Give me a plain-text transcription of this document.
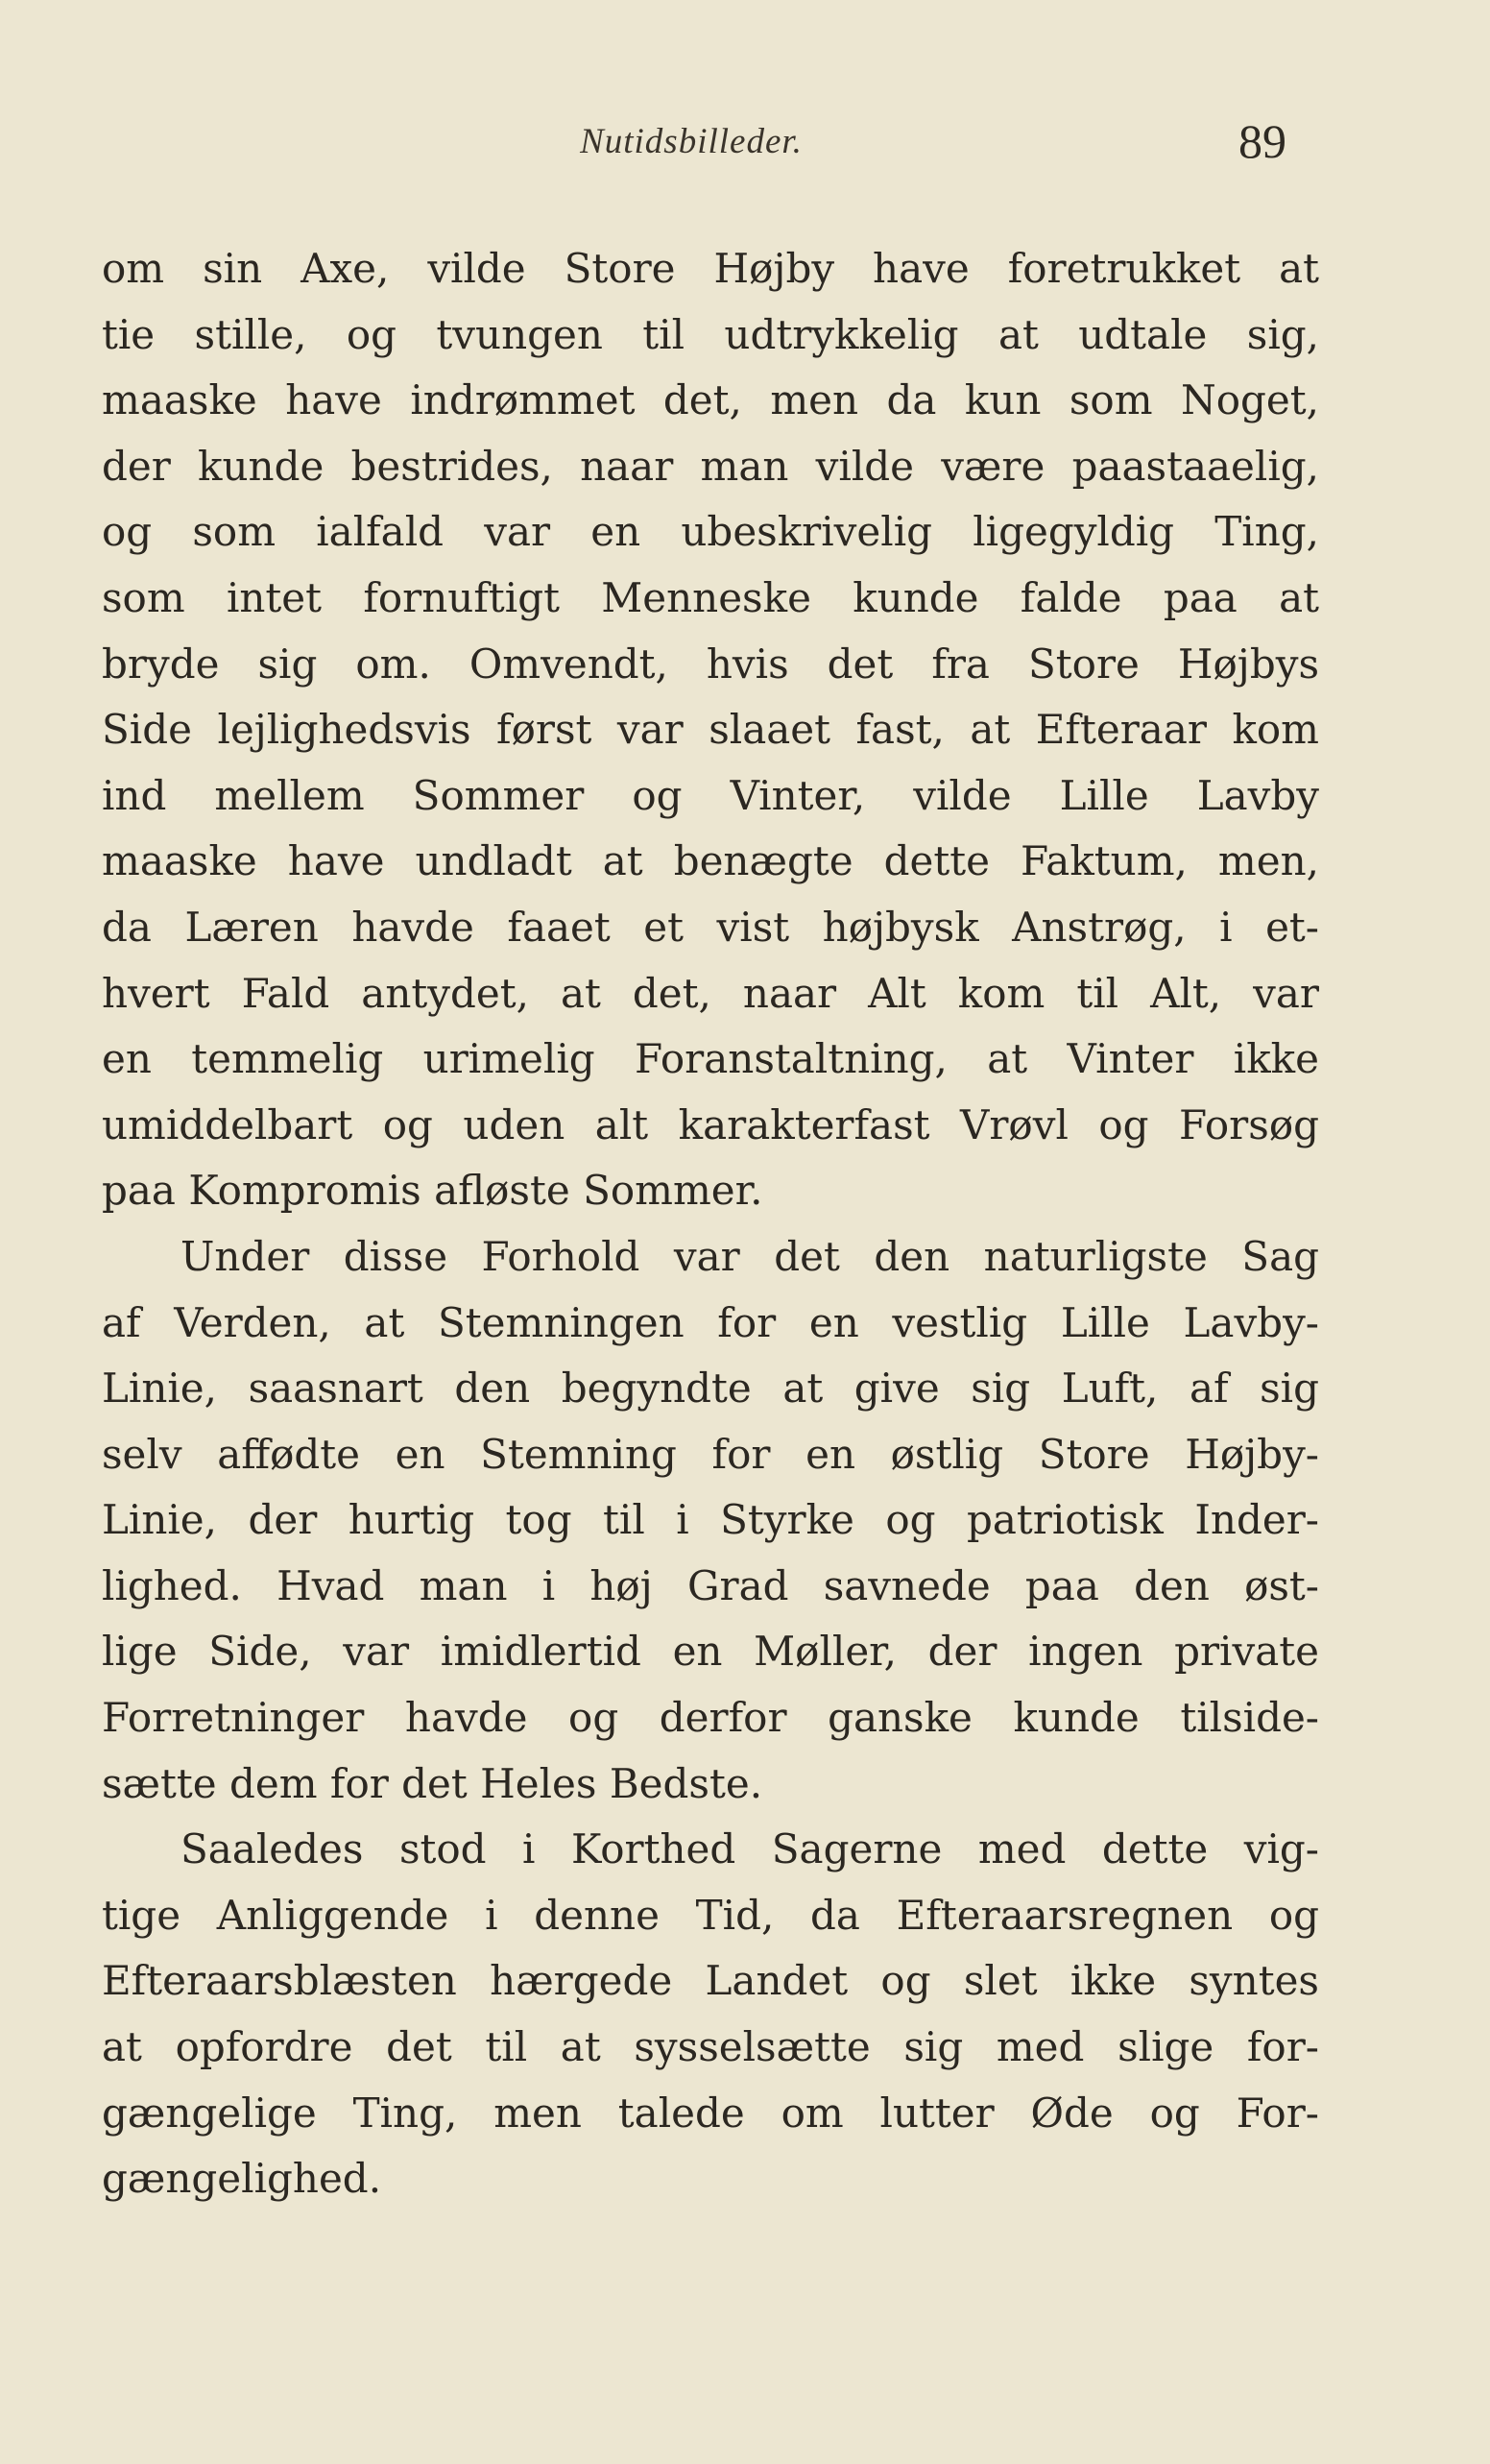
Nutidsbilleder.	89
om sin Axe, vilde Store Højby have foretrukket at
tie stille, og tvungen til udtrykkelig at udtale sig,
maaske have indrømmet det, men da kun som Noget,
der kunde bestrides, naar man vilde være paastaaelig,
og som ialfald var en ubeskrivelig ligegyldig Ting,
som intet fornuftigt Menneske kunde falde paa at
bryde sig om. Omvendt, hvis det fra Store Højbys
Side lejlighedsvis først var slaaet fast, at Efteraar kom
ind mellem Sommer og Vinter, vilde Lille Lavby
maaske have undladt at benægte dette Faktum, men,
da Læren havde faaet et vist højbysk Anstrøg, i et-
hvert Fald antydet, at det, naar Alt kom til Alt, var
en temmelig urimelig Foranstaltning, at Vinter ikke
umiddelbart og uden alt karakterfast Vrøvl og Forsøg
paa Kompromis afløste Sommer.
Under disse Forhold var det den naturligste Sag
af Verden, at Stemningen for en vestlig Lille Lavby-
Linie, saasnart den begyndte at give sig Luft, af sig
selv affødte en Stemning for en østlig Store Højby-
Linie, der hurtig tog til i Styrke og patriotisk Inder-
lighed. Hvad man i høj Grad savnede paa den øst-
lige Side, var imidlertid en Møller, der ingen private
Forretninger havde og derfor ganske kunde tilside-
sætte dem for det Heles Bedste.
Saaledes stod i Korthed Sagerne med dette vig-
tige Anliggende i denne Tid, da Efteraarsregnen og
Efteraarsblæsten hærgede Landet og slet ikke syntes
at opfordre det til at sysselsætte sig med slige for-
gængelige Ting, men talede om lutter Øde og For-
gængelighed.
